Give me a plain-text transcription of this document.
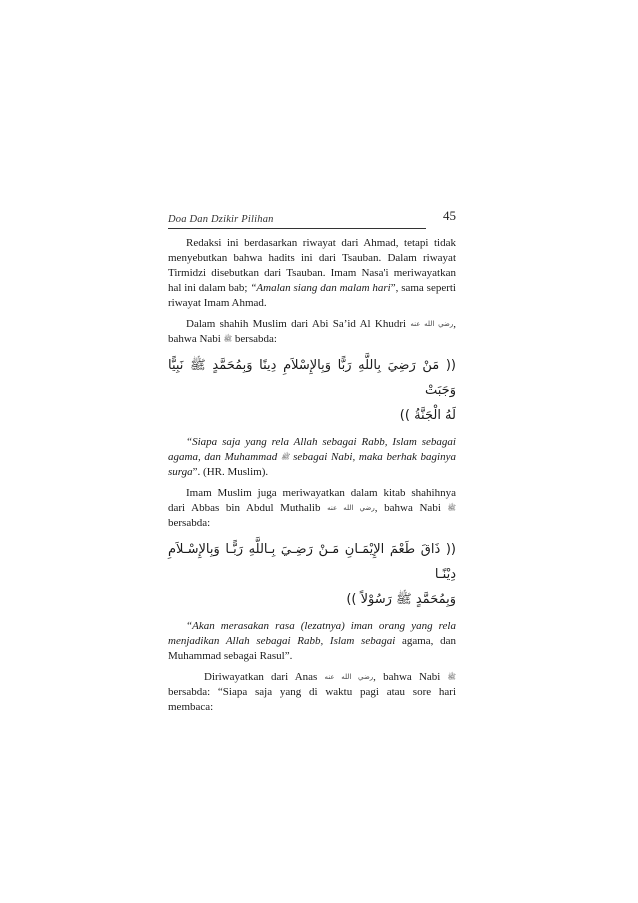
Doa Dan Dzikir Pilihan	45

Redaksi ini berdasarkan riwayat dari Ahmad, tetapi tidak menyebutkan bahwa hadits ini dari Tsauban. Dalam riwayat Tirmidzi disebutkan dari Tsauban. Imam Nasa'i meriwayatkan hal ini dalam bab; “Amalan siang dan malam hari”, sama seperti riwayat Imam Ahmad.

Dalam shahih Muslim dari Abi Sa’id Al Khudri رضي الله عنه, bahwa Nabi ﷺ bersabda:

(( مَنْ رَضِيَ بِاللَّهِ رَبًّا وَبِالإِسْلاَمِ دِينًا وَبِمُحَمَّدٍ ﷺ نَبِيًّا وَجَبَتْ
لَهُ الْجَنَّةُ ))

“Siapa saja yang rela Allah sebagai Rabb, Islam sebagai agama, dan Muhammad ﷺ sebagai Nabi, maka berhak baginya surga”. (HR. Muslim).

Imam Muslim juga meriwayatkan dalam kitab shahihnya dari Abbas bin Abdul Muthalib رضي الله عنه, bahwa Nabi ﷺ bersabda:

(( ذَاقَ طَعْمَ الإِيْمَـانِ مَـنْ رَضِـيَ بِـاللَّهِ رَبًّـا وَبِالإِسْـلاَمِ دِيْنًـا
وَبِمُحَمَّدٍ ﷺ رَسُوْلاً ))

“Akan merasakan rasa (lezatnya) iman orang yang rela menjadikan Allah sebagai Rabb, Islam sebagai agama, dan Muhammad sebagai Rasul”.

Diriwayatkan dari Anas رضي الله عنه, bahwa Nabi ﷺ bersabda: “Siapa saja yang di waktu pagi atau sore hari membaca:
